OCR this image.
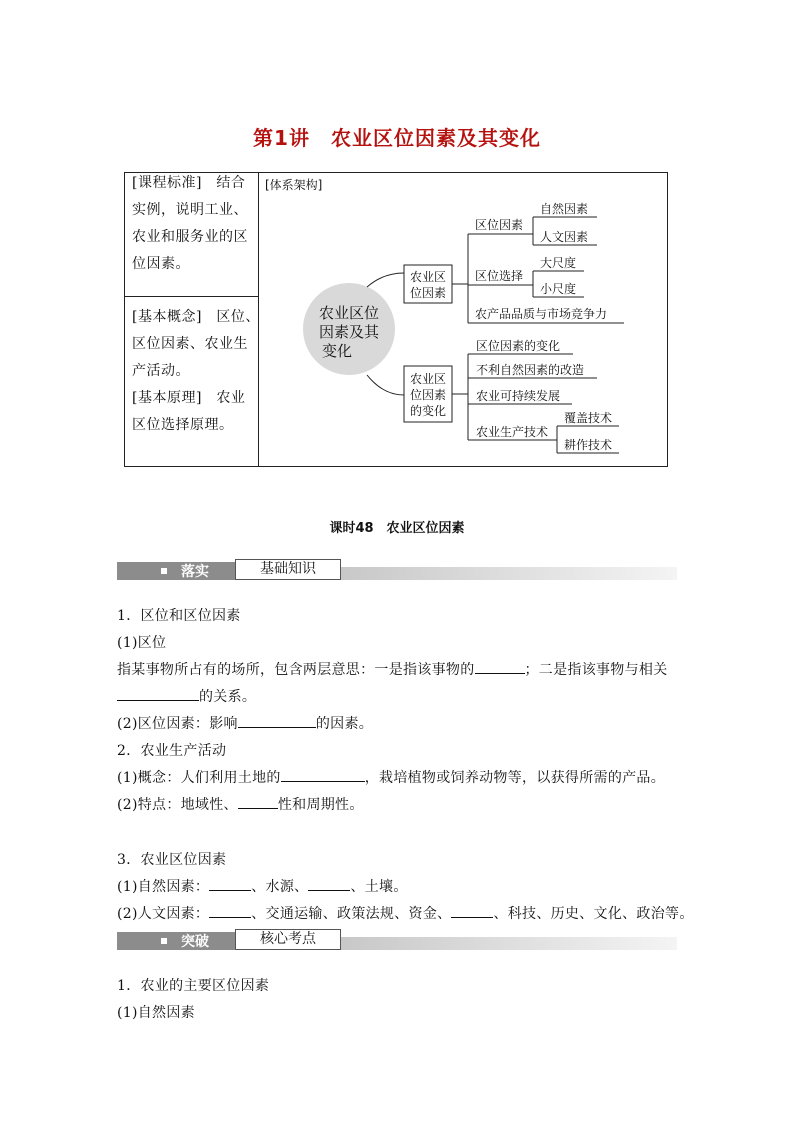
第1讲　农业区位因素及其变化
[课程标准]　结合
实例，说明工业、
农业和服务业的区
位因素。
[基本概念]　区位、
区位因素、农业生
产活动。
[基本原理]　农业
区位选择原理。
[体系架构]
农业区位
因素及其
变化
农业区
位因素
农业区
位因素
的变化
区位因素
自然因素
人文因素
区位选择
大尺度
小尺度
农产品品质与市场竞争力
区位因素的变化
不利自然因素的改造
农业可持续发展
农业生产技术
覆盖技术
耕作技术
课时48　农业区位因素
落实	基础知识
1．区位和区位因素
(1)区位
指某事物所占有的场所，包含两层意思：一是指该事物的	；二是指该事物与相关
的关系。
(2)区位因素：影响	的因素。
2．农业生产活动
(1)概念：人们利用土地的	，栽培植物或饲养动物等，以获得所需的产品。
(2)特点：地域性、	性和周期性。
3．农业区位因素
(1)自然因素：	、水源、	、土壤。
(2)人文因素：	、交通运输、政策法规、资金、	、科技、历史、文化、政治等。
突破	核心考点
1．农业的主要区位因素
(1)自然因素
